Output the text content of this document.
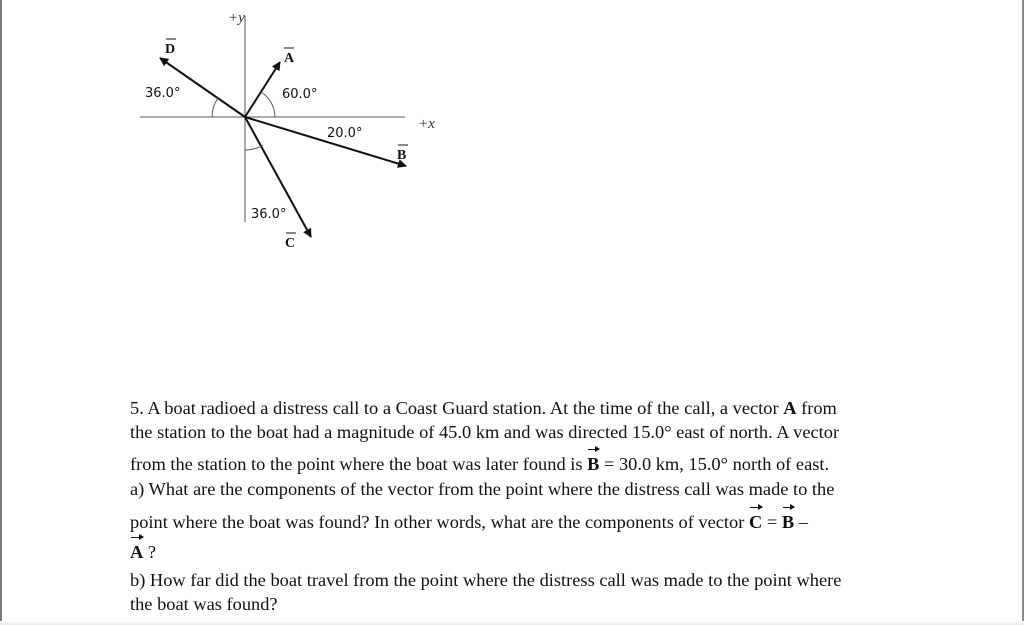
+y
+x
D
36.0°
A
60.0°
B
20.0°
C
36.0°
5. A boat radioed a distress call to a Coast Guard station. At the time of the call, a vector A from
the station to the boat had a magnitude of 45.0 km and was directed 15.0° east of north. A vector
from the station to the point where the boat was later found is B = 30.0 km, 15.0° north of east.
a) What are the components of the vector from the point where the distress call was made to the
point where the boat was found? In other words, what are the components of vector C = B –
A ?
b) How far did the boat travel from the point where the distress call was made to the point where
the boat was found?
